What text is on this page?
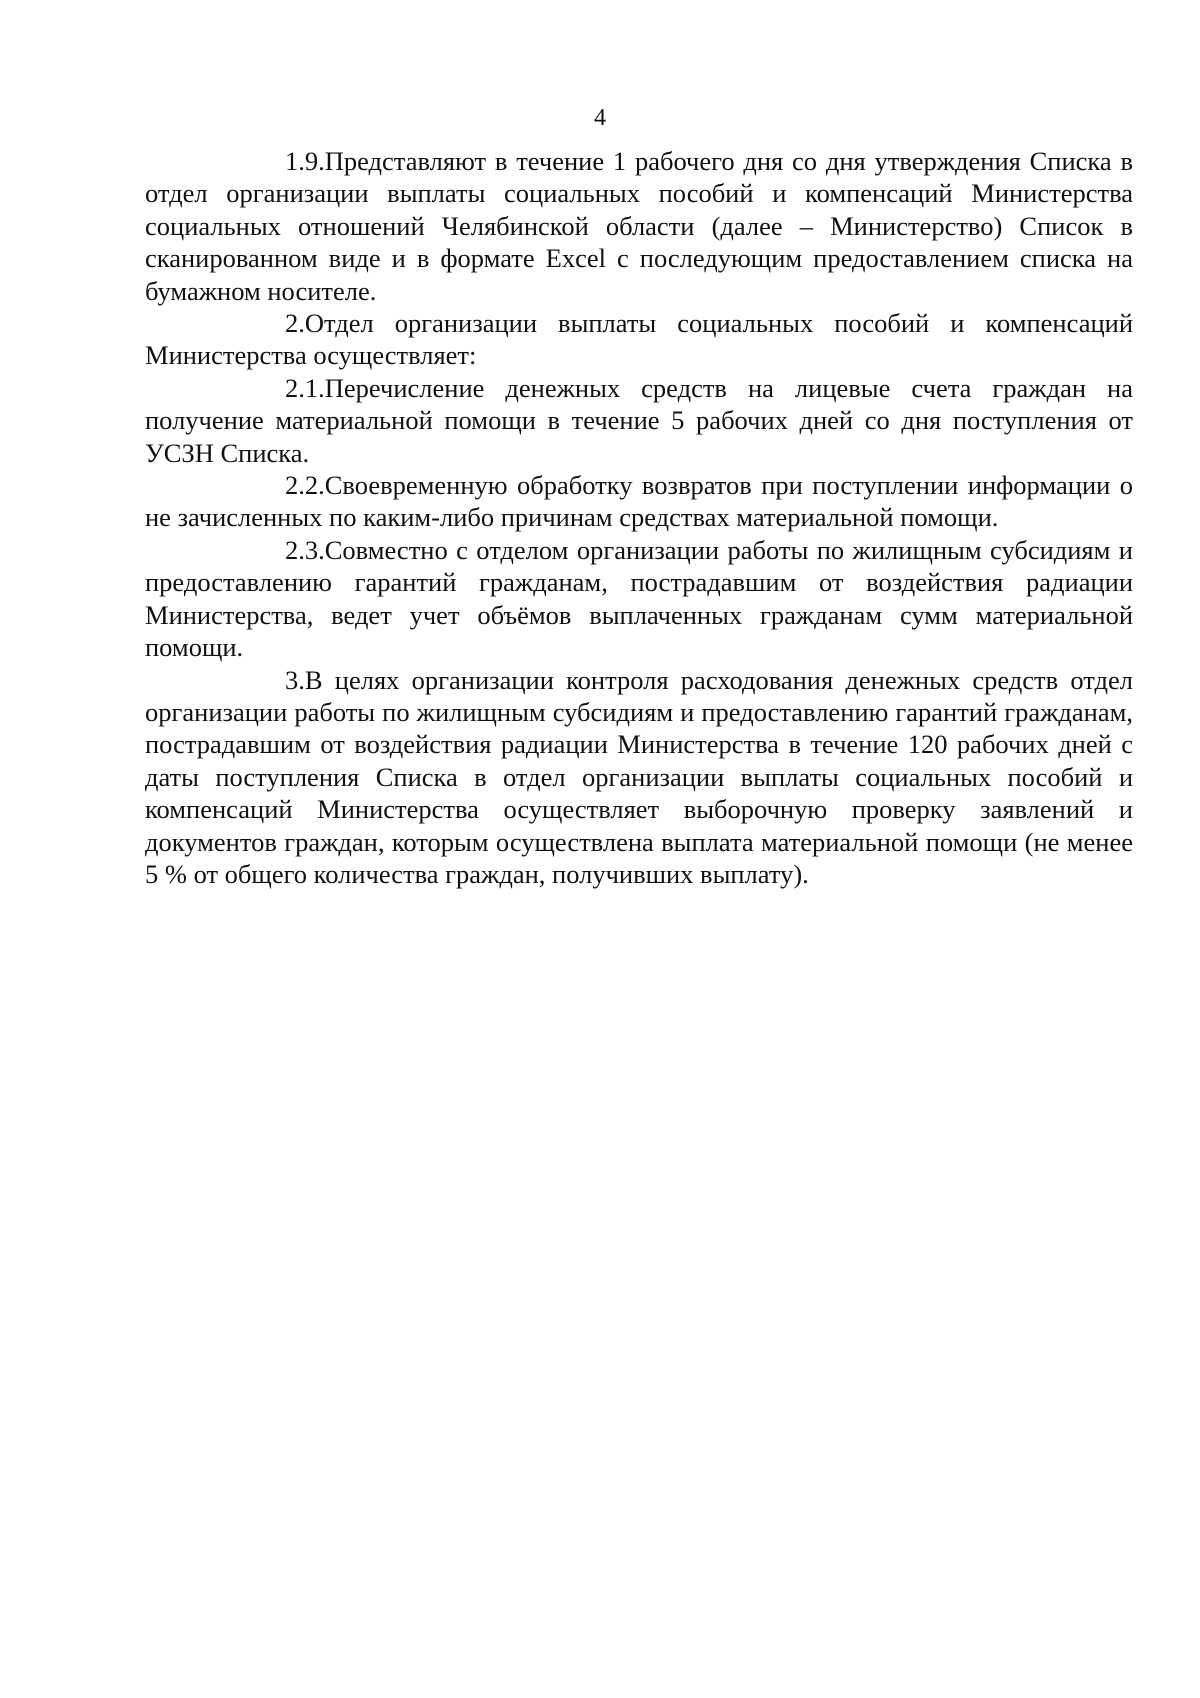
4

1.9.Представляют в течение 1 рабочего дня со дня утверждения Списка в отдел организации выплаты социальных пособий и компенсаций Министерства социальных отношений Челябинской области (далее – Министерство) Список в сканированном виде и в формате Excel с последующим предоставлением списка на бумажном носителе.

2.Отдел организации выплаты социальных пособий и компенсаций Министерства осуществляет:

2.1.Перечисление денежных средств на лицевые счета граждан на получение материальной помощи в течение 5 рабочих дней со дня поступления от УСЗН Списка.

2.2.Своевременную обработку возвратов при поступлении информации о не зачисленных по каким-либо причинам средствах материальной помощи.

2.3.Совместно с отделом организации работы по жилищным субсидиям и предоставлению гарантий гражданам, пострадавшим от воздействия радиации Министерства, ведет учет объёмов выплаченных гражданам сумм материальной помощи.

3.В целях организации контроля расходования денежных средств отдел организации работы по жилищным субсидиям и предоставлению гарантий гражданам, пострадавшим от воздействия радиации Министерства в течение 120 рабочих дней с даты поступления Списка в отдел организации выплаты социальных пособий и компенсаций Министерства осуществляет выборочную проверку заявлений и документов граждан, которым осуществлена выплата материальной помощи (не менее 5 % от общего количества граждан, получивших выплату).
